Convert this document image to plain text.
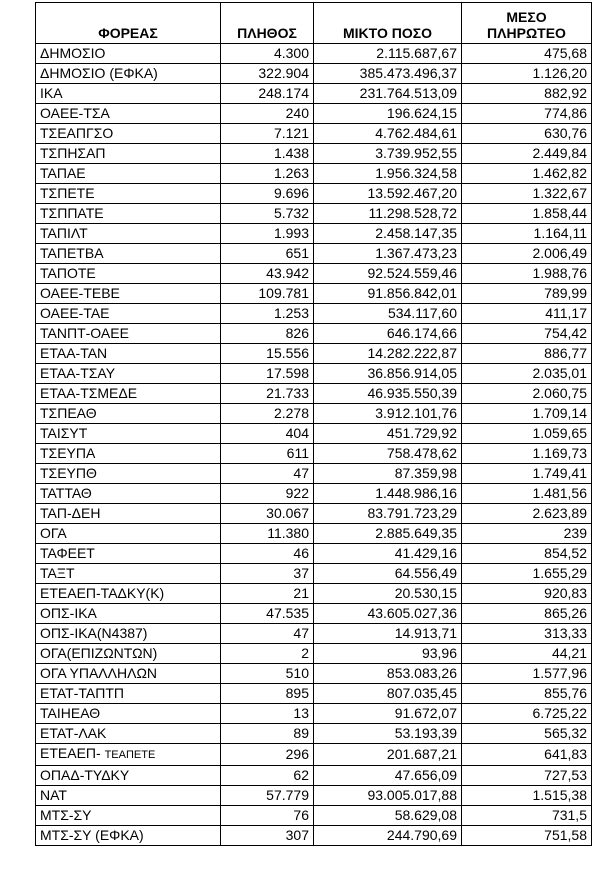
ΦΟΡΕΑΣ	ΠΛΗΘΟΣ	ΜΙΚΤΟ ΠΟΣΟ	ΜΕΣΟ
ΠΛΗΡΩΤΕΟ
ΔΗΜΟΣΙΟ	4.300	2.115.687,67	475,68
ΔΗΜΟΣΙΟ (ΕΦΚΑ)	322.904	385.473.496,37	1.126,20
ΙΚΑ	248.174	231.764.513,09	882,92
ΟΑΕΕ-ΤΣΑ	240	196.624,15	774,86
ΤΣΕΑΠΓΣΟ	7.121	4.762.484,61	630,76
ΤΣΠΗΣΑΠ	1.438	3.739.952,55	2.449,84
ΤΑΠΑΕ	1.263	1.956.324,58	1.462,82
ΤΣΠΕΤΕ	9.696	13.592.467,20	1.322,67
ΤΣΠΠΑΤΕ	5.732	11.298.528,72	1.858,44
ΤΑΠΙΛΤ	1.993	2.458.147,35	1.164,11
ΤΑΠΕΤΒΑ	651	1.367.473,23	2.006,49
ΤΑΠΟΤΕ	43.942	92.524.559,46	1.988,76
ΟΑΕΕ-ΤΕΒΕ	109.781	91.856.842,01	789,99
ΟΑΕΕ-ΤΑΕ	1.253	534.117,60	411,17
ΤΑΝΠΤ-ΟΑΕΕ	826	646.174,66	754,42
ΕΤΑΑ-ΤΑΝ	15.556	14.282.222,87	886,77
ΕΤΑΑ-ΤΣΑΥ	17.598	36.856.914,05	2.035,01
ΕΤΑΑ-ΤΣΜΕΔΕ	21.733	46.935.550,39	2.060,75
ΤΣΠΕΑΘ	2.278	3.912.101,76	1.709,14
ΤΑΙΣΥΤ	404	451.729,92	1.059,65
ΤΣΕΥΠΑ	611	758.478,62	1.169,73
ΤΣΕΥΠΘ	47	87.359,98	1.749,41
ΤΑΤΤΑΘ	922	1.448.986,16	1.481,56
ΤΑΠ-ΔΕΗ	30.067	83.791.723,29	2.623,89
ΟΓΑ	11.380	2.885.649,35	239
ΤΑΦΕΕΤ	46	41.429,16	854,52
ΤΑΞΤ	37	64.556,49	1.655,29
ΕΤΕΑΕΠ-ΤΑΔΚΥ(Κ)	21	20.530,15	920,83
ΟΠΣ-ΙΚΑ	47.535	43.605.027,36	865,26
ΟΠΣ-ΙΚΑ(Ν4387)	47	14.913,71	313,33
ΟΓΑ(ΕΠΙΖΩΝΤΩΝ)	2	93,96	44,21
ΟΓΑ ΥΠΑΛΛΗΛΩΝ	510	853.083,26	1.577,96
ΕΤΑΤ-ΤΑΠΤΠ	895	807.035,45	855,76
ΤΑΙΗΕΑΘ	13	91.672,07	6.725,22
ΕΤΑΤ-ΛΑΚ	89	53.193,39	565,32
ΕΤΕΑΕΠ- ΤΕΑΠΕΤΕ	296	201.687,21	641,83
ΟΠΑΔ-ΤΥΔΚΥ	62	47.656,09	727,53
ΝΑΤ	57.779	93.005.017,88	1.515,38
ΜΤΣ-ΣΥ	76	58.629,08	731,5
ΜΤΣ-ΣΥ (ΕΦΚΑ)	307	244.790,69	751,58
